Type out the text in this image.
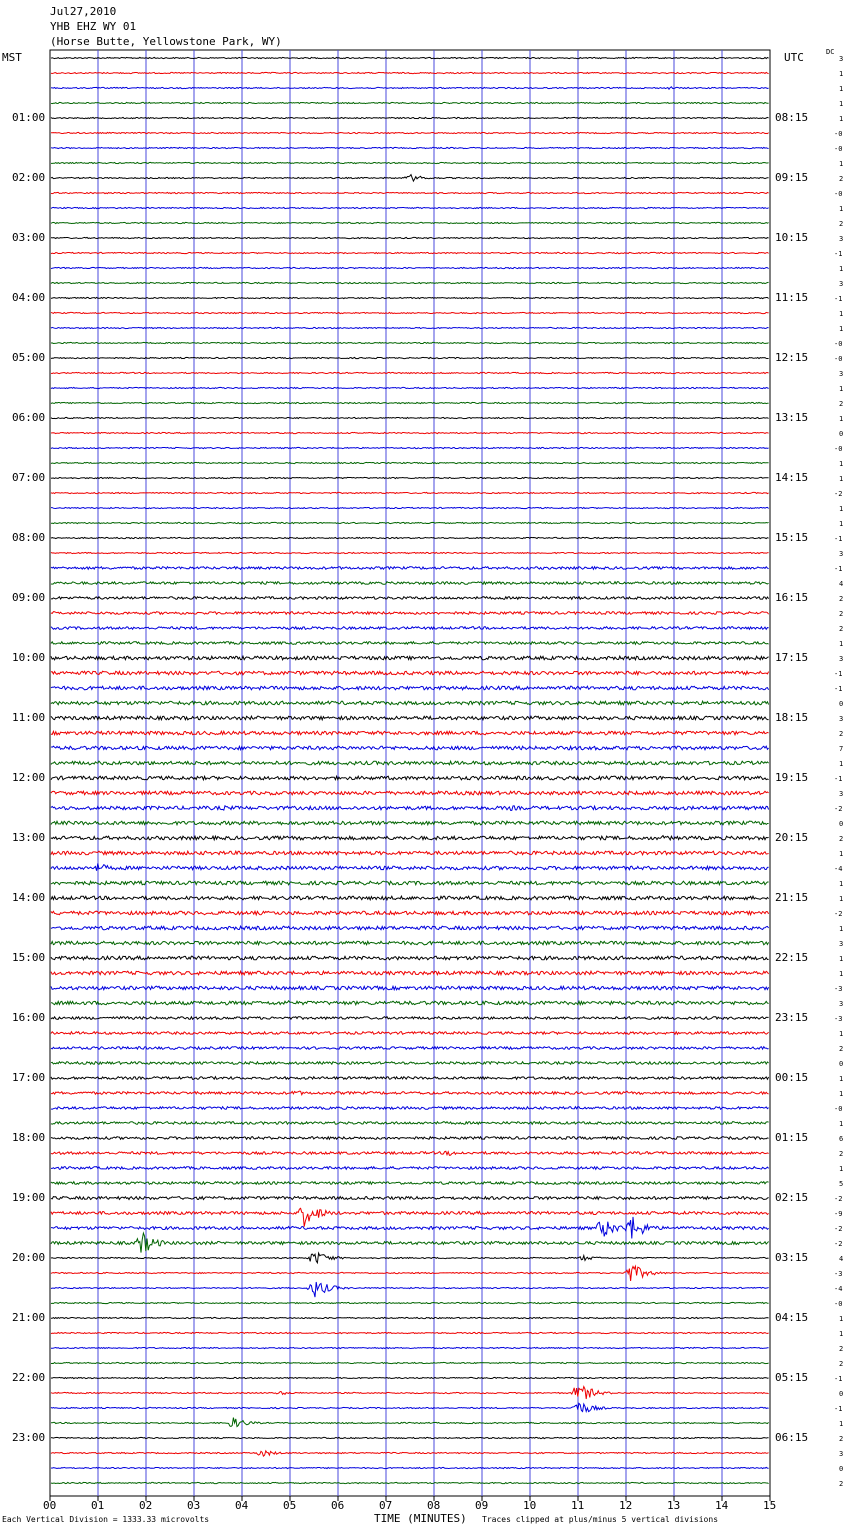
Jul27,2010
YHB EHZ WY 01
(Horse Butte, Yellowstone Park, WY)
MST	UTC	DC
00	01	02	03	04	05	06	07	08	09	10	11	12	13	14	15
01:00
02:00
03:00
04:00
05:00
06:00
07:00
08:00
09:00
10:00
11:00
12:00
13:00
14:00
15:00
16:00
17:00
18:00
19:00
20:00
21:00
22:00
23:00
08:15
09:15
10:15
11:15
12:15
13:15
14:15
15:15
16:15
17:15
18:15
19:15
20:15
21:15
22:15
23:15
00:15
01:15
02:15
03:15
04:15
05:15
06:15
3
1
1
1
1
-0
-0
1
2
-0
1
2
3
-1
1
3
-1
1
1
-0
-0
3
1
2
1
0
-0
1
1
-2
1
1
-1
3
-1
4
2
2
2
1
3
-1
-1
0
3
2
7
1
-1
3
-2
0
2
1
-4
1
1
-2
1
3
1
1
-3
3
-3
1
2
0
1
1
-0
1
6
2
1
5
-2
-9
-2
-2
4
-3
-4
-0
1
1
2
2
-1
0
-1
1
2
3
0
2
Each Vertical Division = 1333.33 microvolts	TIME (MINUTES) Traces clipped at plus/minus 5 vertical divisions
